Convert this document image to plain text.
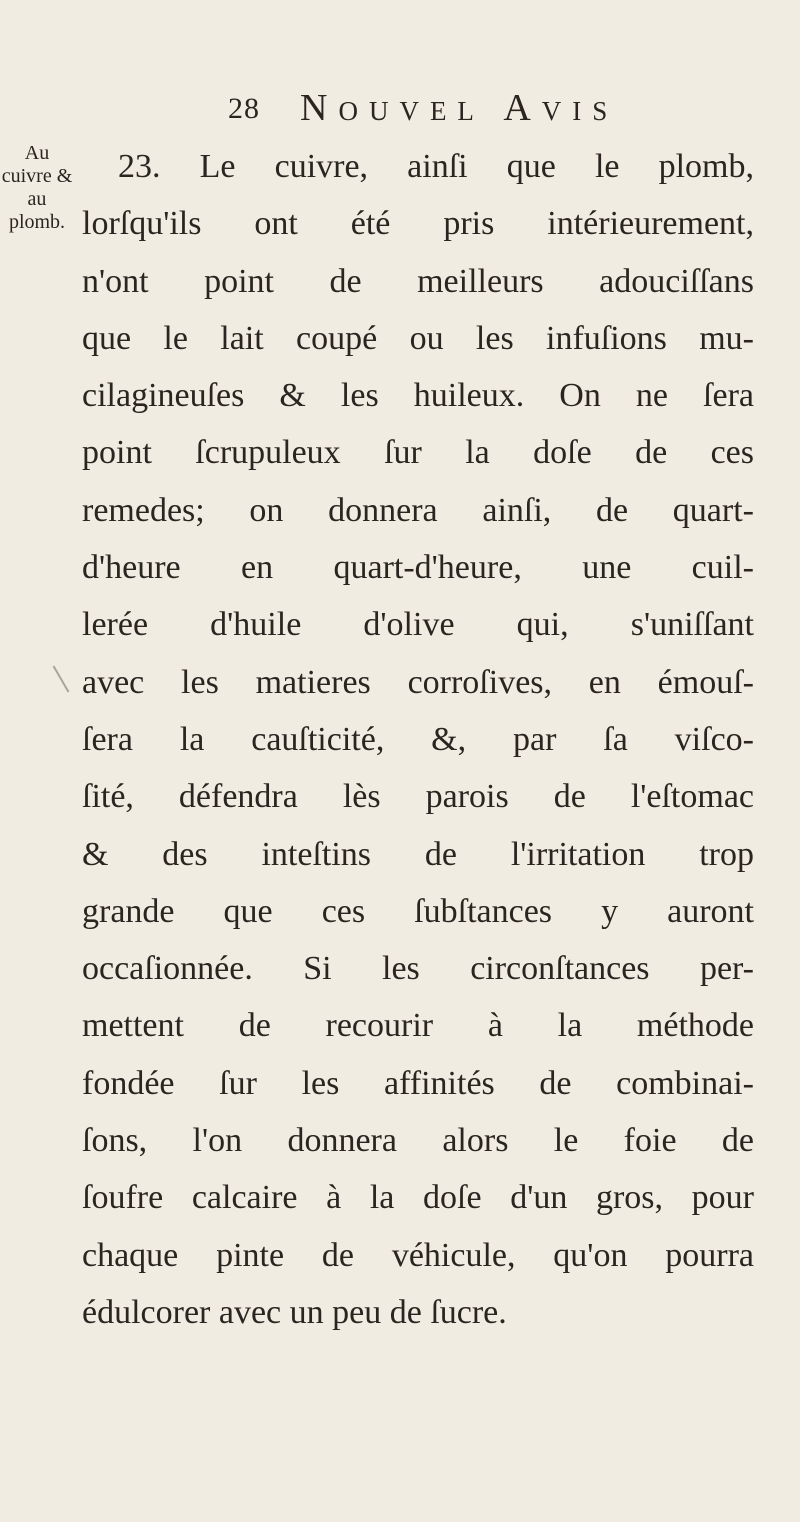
28 Nouvel Avis
Au
cuivre &
au
plomb.
23. Le cuivre, ainſi que le plomb,
lorſqu'ils ont été pris intérieurement,
n'ont point de meilleurs adouciſſans
que le lait coupé ou les infuſions mu-
cilagineuſes & les huileux. On ne ſera
point ſcrupuleux ſur la doſe de ces
remedes; on donnera ainſi, de quart-
d'heure en quart-d'heure, une cuil-
lerée d'huile d'olive qui, s'uniſſant
avec les matieres corroſives, en émouſ-
ſera la cauſticité, &, par ſa viſco-
ſité, défendra lès parois de l'eſtomac
& des inteſtins de l'irritation trop
grande que ces ſubſtances y auront
occaſionnée. Si les circonſtances per-
mettent de recourir à la méthode
fondée ſur les affinités de combinai-
ſons, l'on donnera alors le foie de
ſoufre calcaire à la doſe d'un gros, pour
chaque pinte de véhicule, qu'on pourra
édulcorer avec un peu de ſucre.
